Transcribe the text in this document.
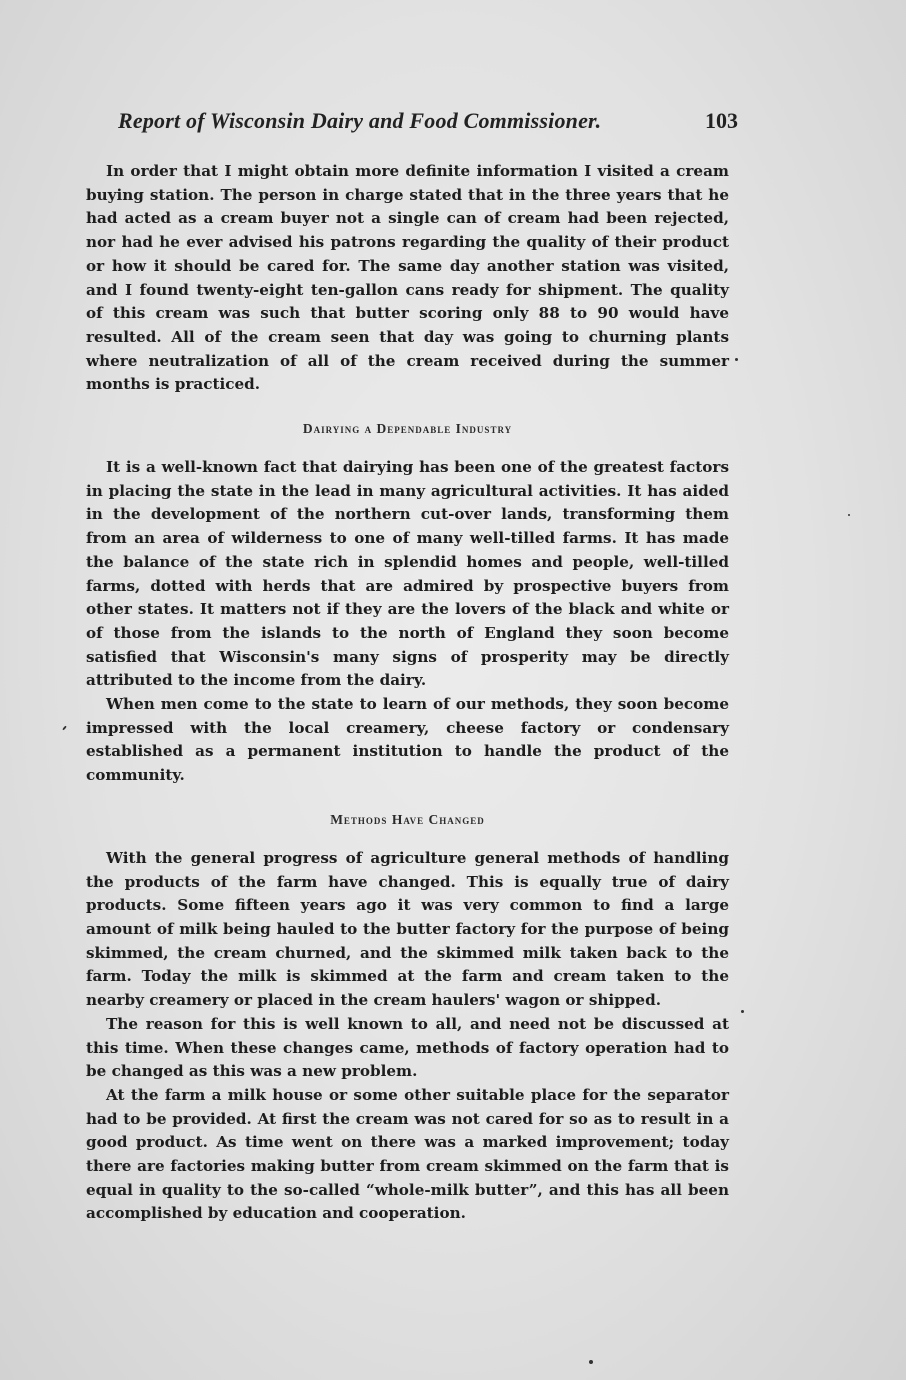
Report of Wisconsin Dairy and Food Commissioner.	103

In order that I might obtain more definite information I visited a cream buying station. The person in charge stated that in the three years that he had acted as a cream buyer not a single can of cream had been rejected, nor had he ever advised his patrons regarding the quality of their product or how it should be cared for. The same day another station was visited, and I found twenty-eight ten-gallon cans ready for shipment. The quality of this cream was such that butter scoring only 88 to 90 would have resulted. All of the cream seen that day was going to churning plants where neutralization of all of the cream received during the summer months is practiced.

Dairying a Dependable Industry

It is a well-known fact that dairying has been one of the greatest factors in placing the state in the lead in many agricultural activities. It has aided in the development of the northern cut-over lands, transforming them from an area of wilderness to one of many well-tilled farms. It has made the balance of the state rich in splendid homes and people, well-tilled farms, dotted with herds that are admired by prospective buyers from other states. It matters not if they are the lovers of the black and white or of those from the islands to the north of England they soon become satisfied that Wisconsin's many signs of prosperity may be directly attributed to the income from the dairy.

When men come to the state to learn of our methods, they soon become impressed with the local creamery, cheese factory or condensary established as a permanent institution to handle the product of the community.

Methods Have Changed

With the general progress of agriculture general methods of handling the products of the farm have changed. This is equally true of dairy products. Some fifteen years ago it was very common to find a large amount of milk being hauled to the butter factory for the purpose of being skimmed, the cream churned, and the skimmed milk taken back to the farm. Today the milk is skimmed at the farm and cream taken to the nearby creamery or placed in the cream haulers' wagon or shipped.

The reason for this is well known to all, and need not be discussed at this time. When these changes came, methods of factory operation had to be changed as this was a new problem.

At the farm a milk house or some other suitable place for the separator had to be provided. At first the cream was not cared for so as to result in a good product. As time went on there was a marked improvement; today there are factories making butter from cream skimmed on the farm that is equal in quality to the so-called “whole-milk butter”, and this has all been accomplished by education and cooperation.
